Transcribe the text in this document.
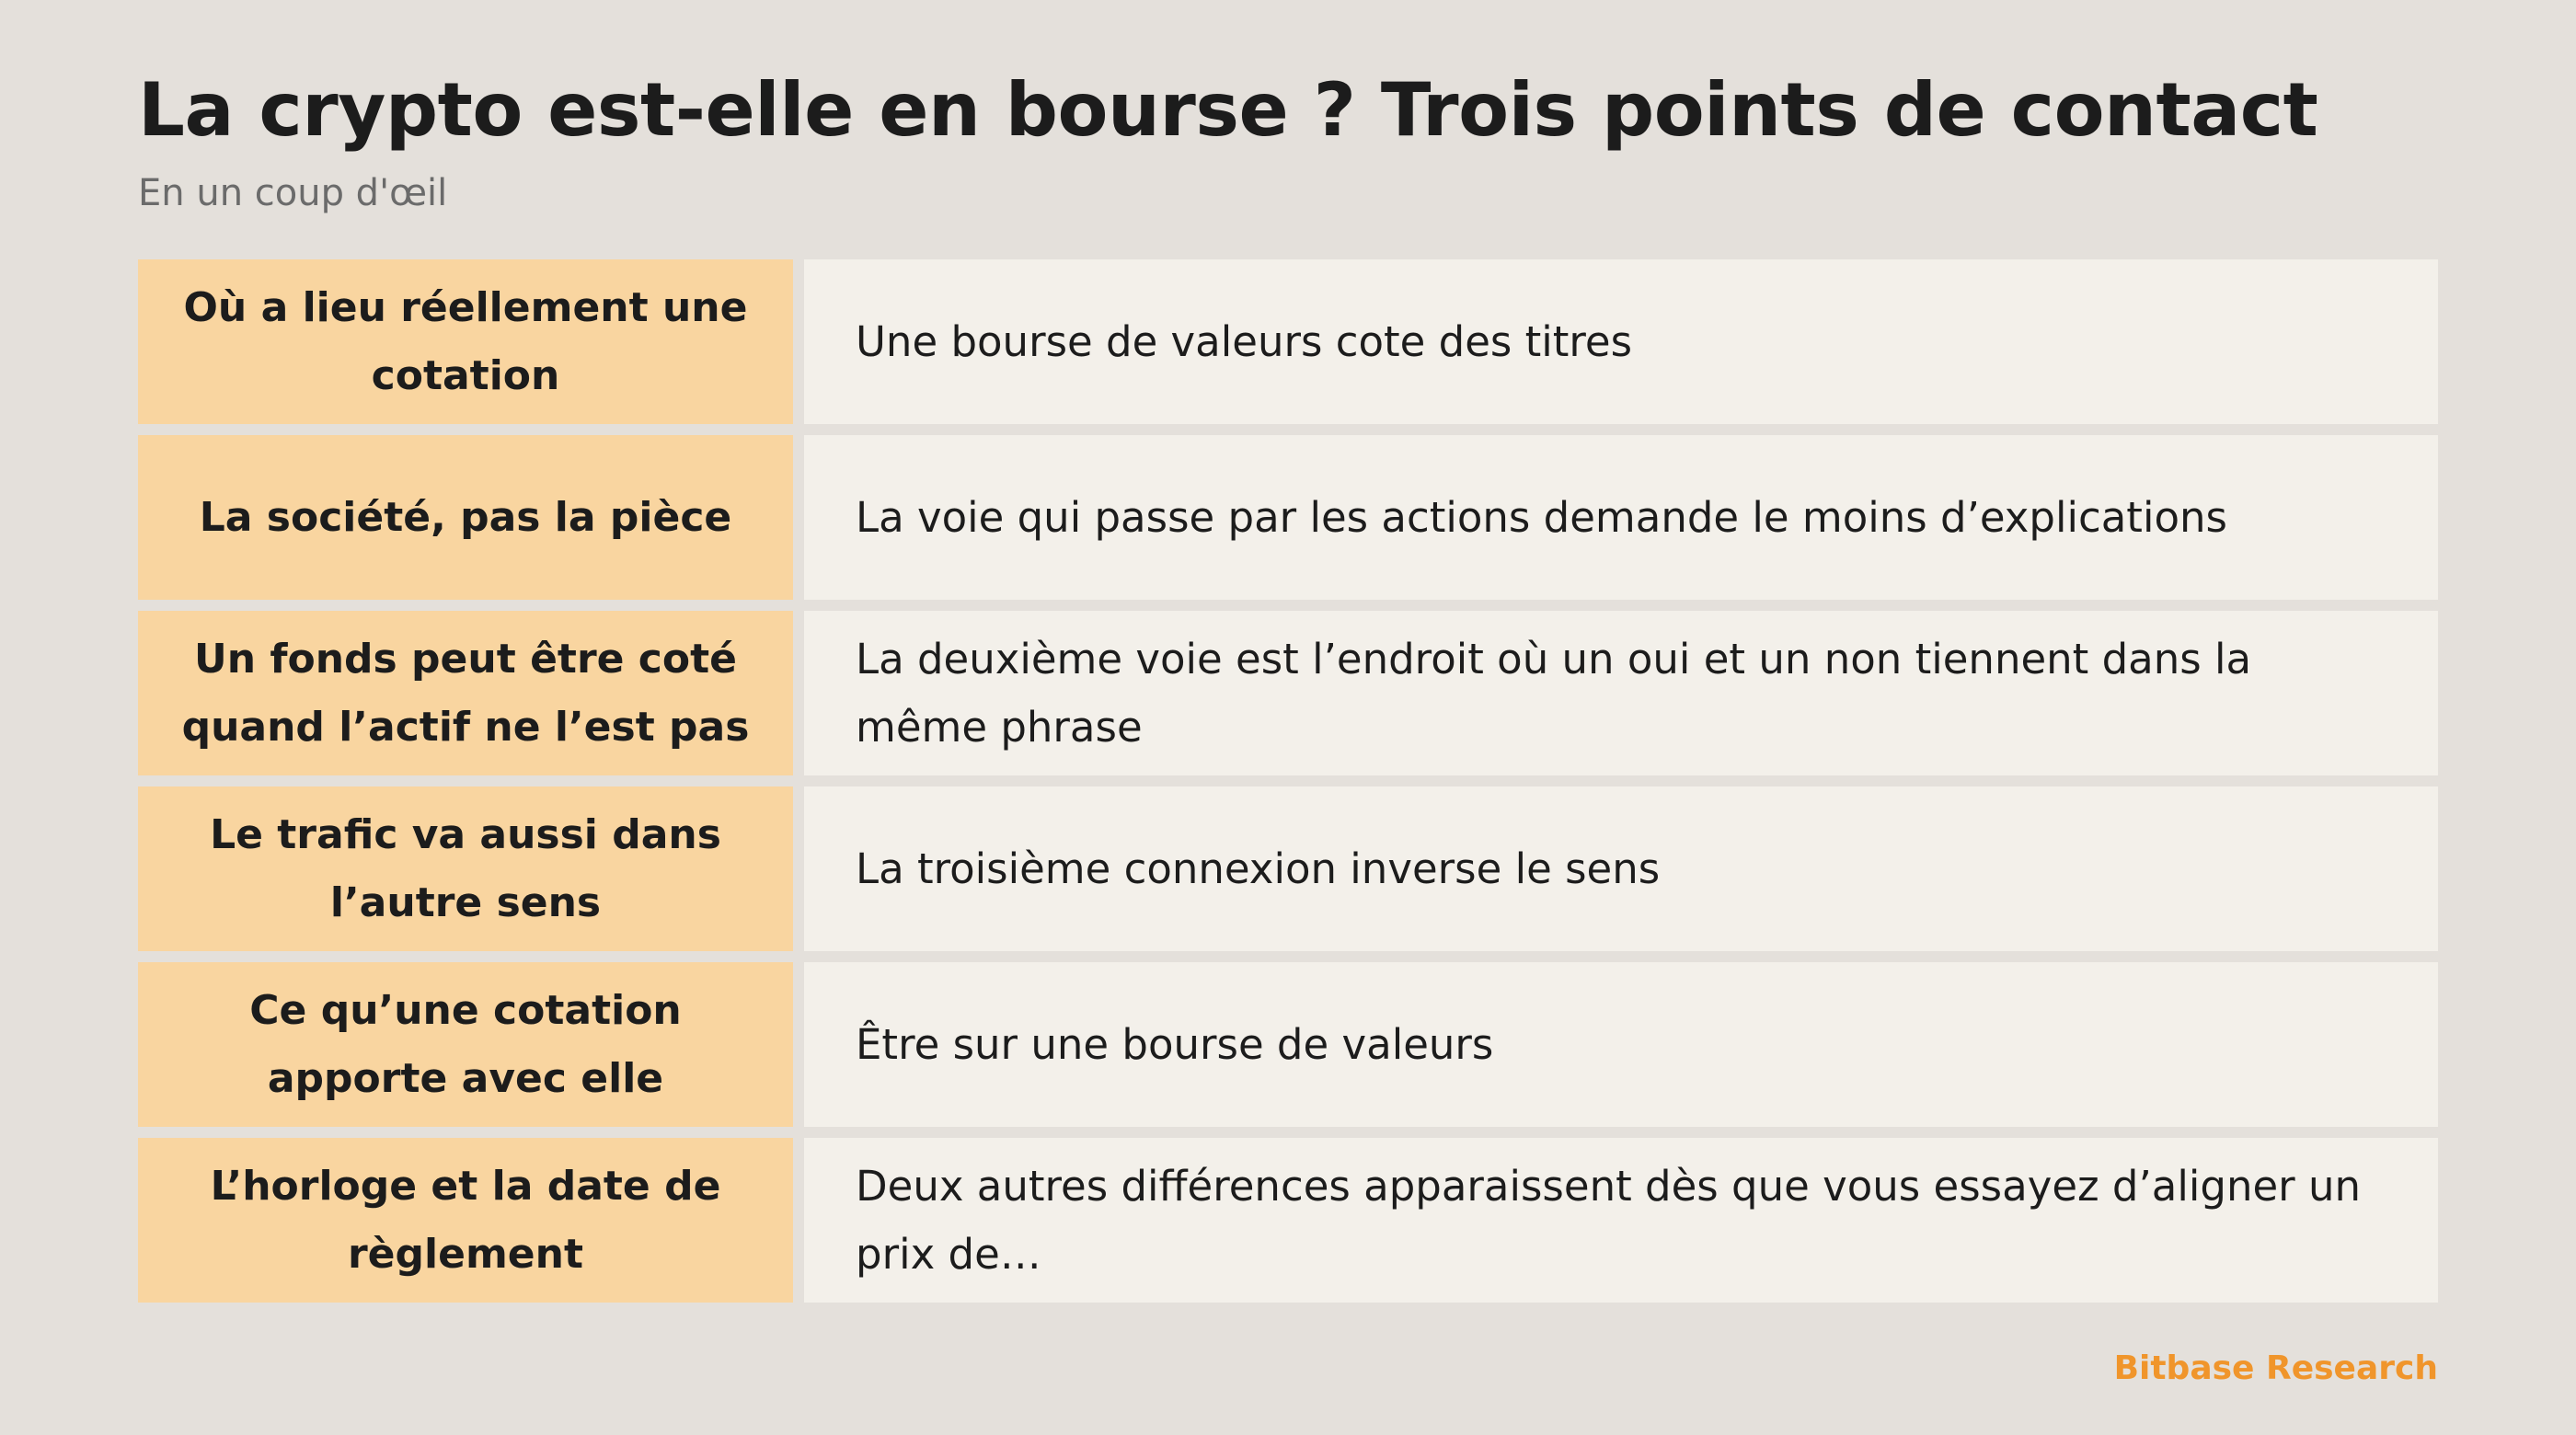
La crypto est-elle en bourse ? Trois points de contact
En un coup d'œil
Où a lieu réellement une cotation
Une bourse de valeurs cote des titres
La société, pas la pièce	La voie qui passe par les actions demande le moins d’explications
Un fonds peut être coté quand l’actif ne l’est pas
La deuxième voie est l’endroit où un oui et un non tiennent dans la même phrase
Le trafic va aussi dans l’autre sens
La troisième connexion inverse le sens
Ce qu’une cotation apporte avec elle
Être sur une bourse de valeurs
L’horloge et la date de règlement
Deux autres différences apparaissent dès que vous essayez d’aligner un prix de…
Bitbase Research
